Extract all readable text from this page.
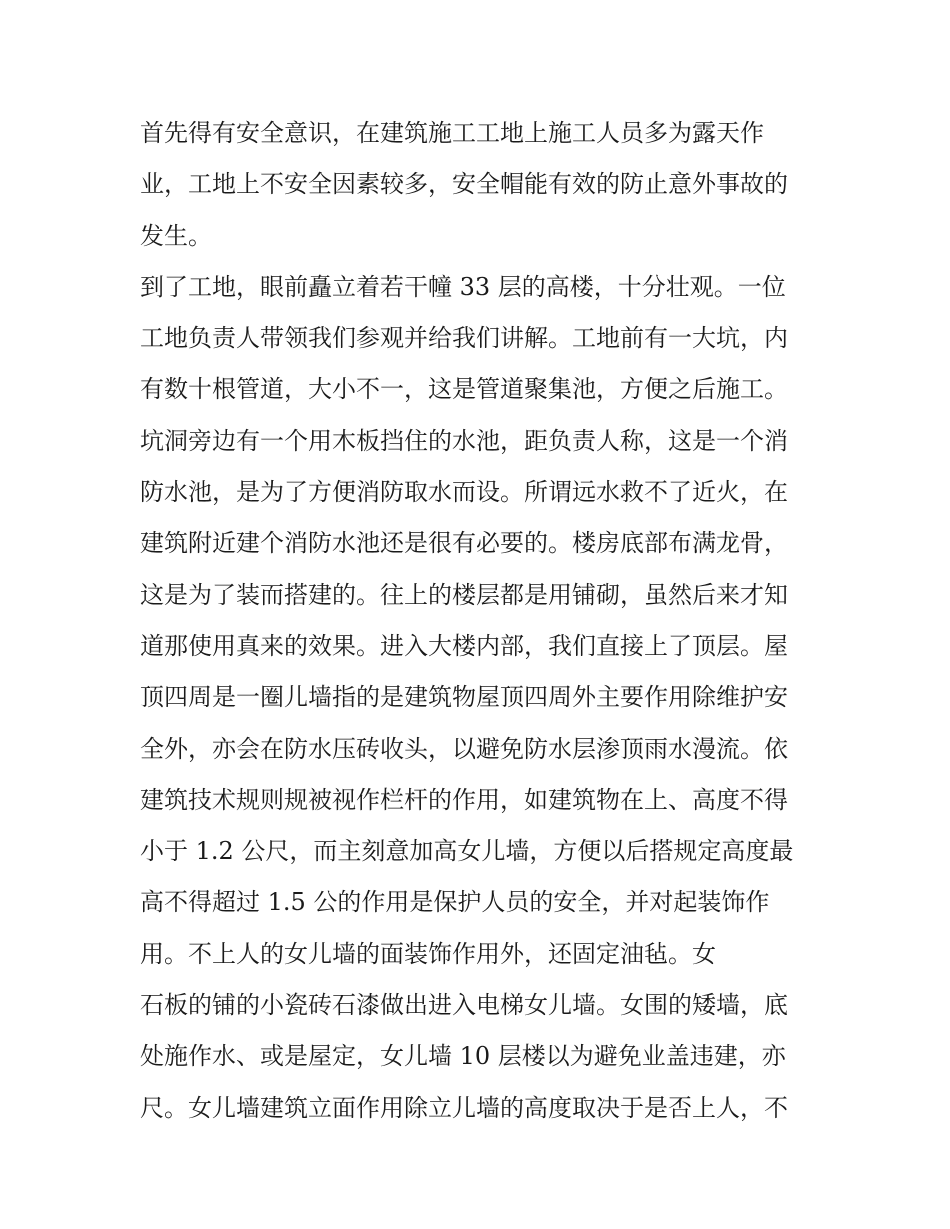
首先得有安全意识，在建筑施工工地上施工人员多为露天作
业，工地上不安全因素较多，安全帽能有效的防止意外事故的
发生。
到了工地，眼前矗立着若干幢 33 层的高楼，十分壮观。一位
工地负责人带领我们参观并给我们讲解。工地前有一大坑，内
有数十根管道，大小不一，这是管道聚集池，方便之后施工。
坑洞旁边有一个用木板挡住的水池，距负责人称，这是一个消
防水池，是为了方便消防取水而设。所谓远水救不了近火，在
建筑附近建个消防水池还是很有必要的。楼房底部布满龙骨，
这是为了装而搭建的。往上的楼层都是用铺砌，虽然后来才知
道那使用真来的效果。进入大楼内部，我们直接上了顶层。屋
顶四周是一圈儿墙指的是建筑物屋顶四周外主要作用除维护安
全外，亦会在防水压砖收头，以避免防水层渗顶雨水漫流。依
建筑技术规则规被视作栏杆的作用，如建筑物在上、高度不得
小于 1.2 公尺，而主刻意加高女儿墙，方便以后搭规定高度最
高不得超过 1.5 公的作用是保护人员的安全，并对起装饰作
用。不上人的女儿墙的面装饰作用外，还固定油毡。女
石板的铺的小瓷砖石漆做出进入电梯女儿墙。女围的矮墙，底
处施作水、或是屋定，女儿墙 10 层楼以为避免业盖违建，亦
尺。女儿墙建筑立面作用除立儿墙的高度取决于是否上人，不
